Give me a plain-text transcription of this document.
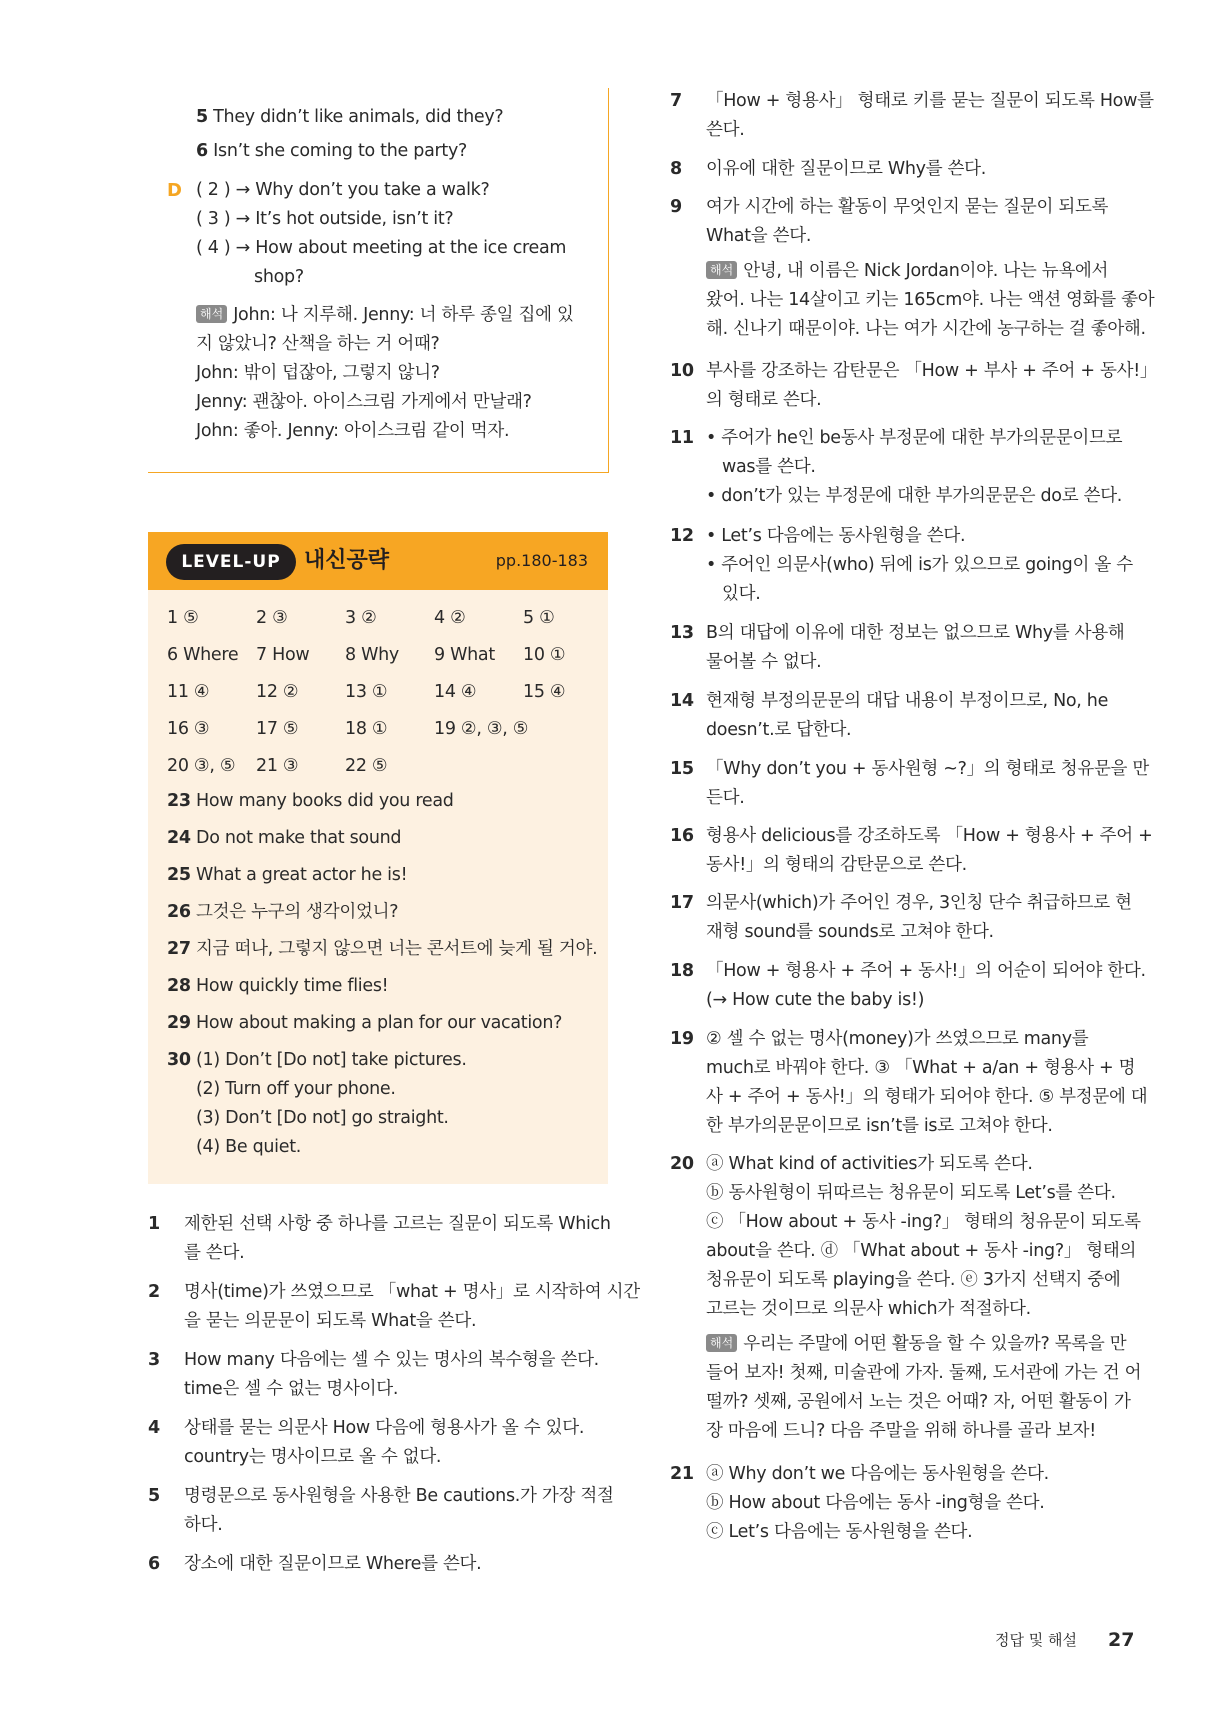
5 They didn’t like animals, did they?
6 Isn’t she coming to the party?
D ( 2 ) → Why don’t you take a walk?
( 3 ) → It’s hot outside, isn’t it?
( 4 ) → How about meeting at the ice cream
shop?
해석 John: 나 지루해. Jenny: 너 하루 종일 집에 있
지 않았니? 산책을 하는 거 어때?
John: 밖이 덥잖아, 그렇지 않니?
Jenny: 괜찮아. 아이스크림 가게에서 만날래?
John: 좋아. Jenny: 아이스크림 같이 먹자.
LEVEL-UP	내신공략	pp.180-183
1 ⑤	2 ③	3 ②	4 ②	5 ①
6 Where 7 How 8 Why 9 What 10 ①
11 ④	12 ②	13 ①	14 ④	15 ④
16 ③	17 ⑤	18 ①	19 ②, ③, ⑤
20 ③, ⑤ 21 ③	22 ⑤
23 How many books did you read
24 Do not make that sound
25 What a great actor he is!
26 그것은 누구의 생각이었니?
27 지금 떠나, 그렇지 않으면 너는 콘서트에 늦게 될 거야.
28 How quickly time flies!
29 How about making a plan for our vacation?
30 (1) Don’t [Do not] take pictures.
(2) Turn off your phone.
(3) Don’t [Do not] go straight.
(4) Be quiet.
1 제한된 선택 사항 중 하나를 고르는 질문이 되도록 Which
를 쓴다.
2 명사(time)가 쓰였으므로 「what + 명사」로 시작하여 시간
을 묻는 의문문이 되도록 What을 쓴다.
3 How many 다음에는 셀 수 있는 명사의 복수형을 쓴다.
time은 셀 수 없는 명사이다.
4 상태를 묻는 의문사 How 다음에 형용사가 올 수 있다.
country는 명사이므로 올 수 없다.
5 명령문으로 동사원형을 사용한 Be cautions.가 가장 적절
하다.
6 장소에 대한 질문이므로 Where를 쓴다.
7 「How + 형용사」 형태로 키를 묻는 질문이 되도록 How를
쓴다.
8 이유에 대한 질문이므로 Why를 쓴다.
9 여가 시간에 하는 활동이 무엇인지 묻는 질문이 되도록
What을 쓴다.
해석 안녕, 내 이름은 Nick Jordan이야. 나는 뉴욕에서
왔어. 나는 14살이고 키는 165cm야. 나는 액션 영화를 좋아
해. 신나기 때문이야. 나는 여가 시간에 농구하는 걸 좋아해.
10 부사를 강조하는 감탄문은 「How + 부사 + 주어 + 동사!」
의 형태로 쓴다.
11 • 주어가 he인 be동사 부정문에 대한 부가의문문이므로
was를 쓴다.
• don’t가 있는 부정문에 대한 부가의문문은 do로 쓴다.
12 • Let’s 다음에는 동사원형을 쓴다.
• 주어인 의문사(who) 뒤에 is가 있으므로 going이 올 수
있다.
13 B의 대답에 이유에 대한 정보는 없으므로 Why를 사용해
물어볼 수 없다.
14 현재형 부정의문문의 대답 내용이 부정이므로, No, he
doesn’t.로 답한다.
15 「Why don’t you + 동사원형 ~?」의 형태로 청유문을 만
든다.
16 형용사 delicious를 강조하도록 「How + 형용사 + 주어 +
동사!」의 형태의 감탄문으로 쓴다.
17 의문사(which)가 주어인 경우, 3인칭 단수 취급하므로 현
재형 sound를 sounds로 고쳐야 한다.
18 「How + 형용사 + 주어 + 동사!」의 어순이 되어야 한다.
(→ How cute the baby is!)
19 ② 셀 수 없는 명사(money)가 쓰였으므로 many를
much로 바꿔야 한다. ③ 「What + a/an + 형용사 + 명
사 + 주어 + 동사!」의 형태가 되어야 한다. ⑤ 부정문에 대
한 부가의문문이므로 isn’t를 is로 고쳐야 한다.
20 ⓐ What kind of activities가 되도록 쓴다.
ⓑ 동사원형이 뒤따르는 청유문이 되도록 Let’s를 쓴다.
ⓒ 「How about + 동사 -ing?」 형태의 청유문이 되도록
about을 쓴다. ⓓ 「What about + 동사 -ing?」 형태의
청유문이 되도록 playing을 쓴다. ⓔ 3가지 선택지 중에
고르는 것이므로 의문사 which가 적절하다.
해석 우리는 주말에 어떤 활동을 할 수 있을까? 목록을 만
들어 보자! 첫째, 미술관에 가자. 둘째, 도서관에 가는 건 어
떨까? 셋째, 공원에서 노는 것은 어때? 자, 어떤 활동이 가
장 마음에 드니? 다음 주말을 위해 하나를 골라 보자!
21 ⓐ Why don’t we 다음에는 동사원형을 쓴다.
ⓑ How about 다음에는 동사 -ing형을 쓴다.
ⓒ Let’s 다음에는 동사원형을 쓴다.
정답 및 해설 27
